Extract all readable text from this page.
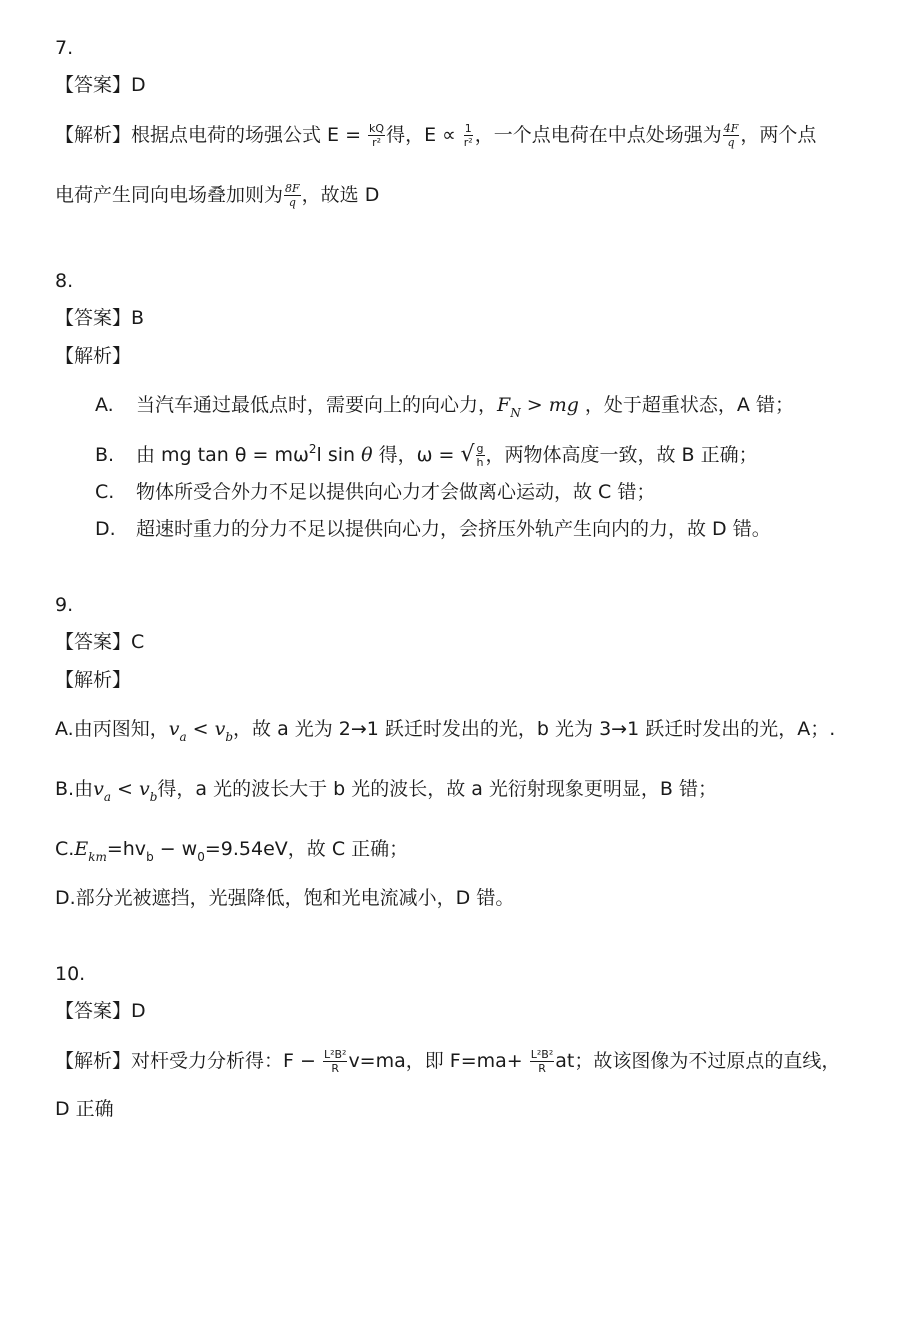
7.
【答案】D
【解析】根据点电荷的场强公式 $E = \frac{kQ}{\text{r²}}$ 得，$E \propto \frac{1}{\text{r²}}$ ，一个点电荷在中点处场强为 $\frac{4F}{q}$ ，两个点
电荷产生同向电场叠加则为 $\frac{8F}{q}$ ，故选 D
8.
【答案】B
【解析】
A. 当汽车通过最低点时，需要向上的向心力，$F_N$ > mg ，处于超重状态，A 错；
B. 由 mg $\tan \theta = m\omega^2l$ sin θ 得，ω = √ $\frac{g}{h}$ ，两物体高度一致，故 B 正确；
C. 物体所受合外力不足以提供向心力才会做离心运动，故 C 错；
D. 超速时重力的分力不足以提供向心力，会挤压外轨产生向内的力，故 D 错。
9.
【答案】C
【解析】
A.由丙图知，$v_a < v_b$，故 a 光为 2→1 跃迁时发出的光，b 光为 3→1 跃迁时发出的光，A；.
B.由$v_a < v_b$得，a 光的波长大于 b 光的波长，故 a 光衍射现象更明显，B 错；
$C.E_{km}=hv_b - w_0=9.54eV$，故 C 正确；
D.部分光被遮挡，光强降低，饱和光电流减小，D 错。
10.
【答案】D
【解析】对杆受力分析得：$F - \frac{\text{L²B²}}{R} v=ma$，即 $F=ma+ \frac{\text{L²B²}}{R}$ at；故该图像为不过原点的直线，
D 正确
